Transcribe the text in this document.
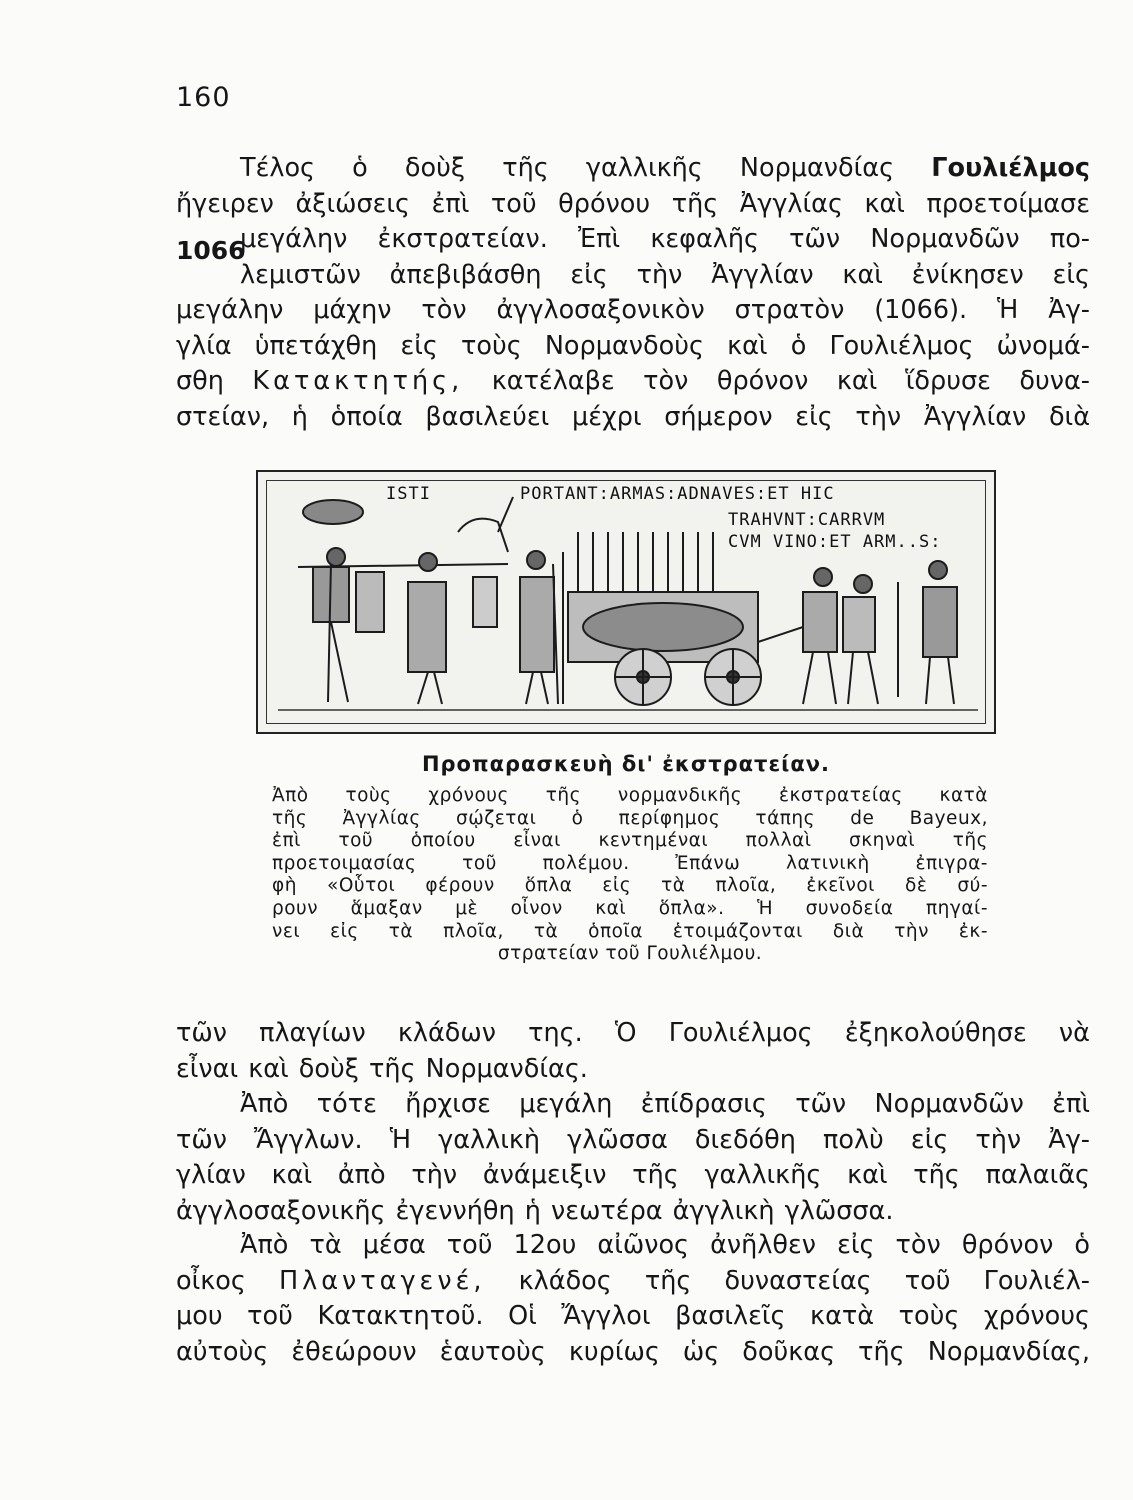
160
1066
Τέλος ὁ δοὺξ τῆς γαλλικῆς Νορμανδίας Γουλιέλμος
ἤγειρεν ἀξιώσεις ἐπὶ τοῦ θρόνου τῆς Ἀγγλίας καὶ προετοίμασε
μεγάλην ἐκστρατείαν. Ἐπὶ κεφαλῆς τῶν Νορμανδῶν πο-
λεμιστῶν ἀπεβιβάσθη εἰς τὴν Ἀγγλίαν καὶ ἐνίκησεν εἰς
μεγάλην μάχην τὸν ἀγγλοσαξονικὸν στρατὸν (1066). Ἡ Ἀγ-
γλία ὑπετάχθη εἰς τοὺς Νορμανδοὺς καὶ ὁ Γουλιέλμος ὠνομά-
σθη Κατακτητής, κατέλαβε τὸν θρόνον καὶ ἵδρυσε δυνα-
στείαν, ἡ ὁποία βασιλεύει μέχρι σήμερον εἰς τὴν Ἀγγλίαν διὰ
ISTI	PORTANT:ARMAS:ADNAVES:ET HIC
TRAHVNT:CARRVM
CVM VINO:ET ARM..S:
Προπαρασκευὴ δι' ἐκστρατείαν.
Ἀπὸ τοὺς χρόνους τῆς νορμανδικῆς ἐκστρατείας κατὰ
τῆς Ἀγγλίας σῴζεται ὁ περίφημος τάπης de Bayeux,
ἐπὶ τοῦ ὁποίου εἶναι κεντημέναι πολλαὶ σκηναὶ τῆς
προετοιμασίας τοῦ πολέμου. Ἐπάνω λατινικὴ ἐπιγρα-
φὴ «Οὗτοι φέρουν ὅπλα εἰς τὰ πλοῖα, ἐκεῖνοι δὲ σύ-
ρουν ἅμαξαν μὲ οἶνον καὶ ὅπλα». Ἡ συνοδεία πηγαί-
νει εἰς τὰ πλοῖα, τὰ ὁποῖα ἑτοιμάζονται διὰ τὴν ἐκ-
στρατείαν τοῦ Γουλιέλμου.
τῶν πλαγίων κλάδων της. Ὁ Γουλιέλμος ἐξηκολούθησε νὰ
εἶναι καὶ δοὺξ τῆς Νορμανδίας.
Ἀπὸ τότε ἤρχισε μεγάλη ἐπίδρασις τῶν Νορμανδῶν ἐπὶ
τῶν Ἄγγλων. Ἡ γαλλικὴ γλῶσσα διεδόθη πολὺ εἰς τὴν Ἀγ-
γλίαν καὶ ἀπὸ τὴν ἀνάμειξιν τῆς γαλλικῆς καὶ τῆς παλαιᾶς
ἀγγλοσαξονικῆς ἐγεννήθη ἡ νεωτέρα ἀγγλικὴ γλῶσσα.
Ἀπὸ τὰ μέσα τοῦ 12ου αἰῶνος ἀνῆλθεν εἰς τὸν θρόνον ὁ
οἶκος Πλανταγενέ, κλάδος τῆς δυναστείας τοῦ Γουλιέλ-
μου τοῦ Κατακτητοῦ. Οἱ Ἄγγλοι βασιλεῖς κατὰ τοὺς χρόνους
αὐτοὺς ἐθεώρουν ἑαυτοὺς κυρίως ὡς δοῦκας τῆς Νορμανδίας,
